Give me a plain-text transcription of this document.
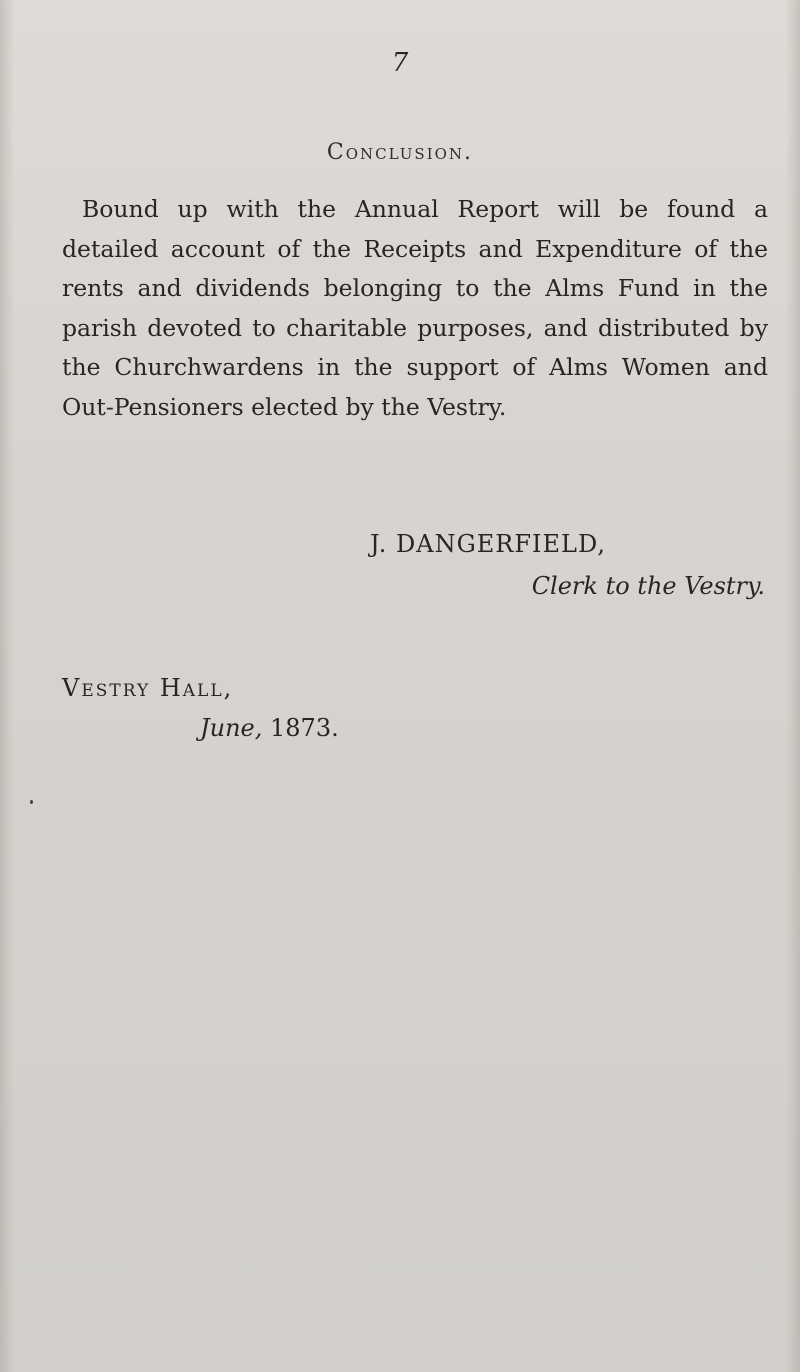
7
Conclusion.

Bound up with the Annual Report will be found a detailed account of the Receipts and Expenditure of the rents and dividends belonging to the Alms Fund in the parish devoted to charitable purposes, and distributed by the Churchwardens in the support of Alms Women and Out-Pensioners elected by the Vestry.

J. DANGERFIELD,
Clerk to the Vestry.
Vestry Hall,
June, 1873.
